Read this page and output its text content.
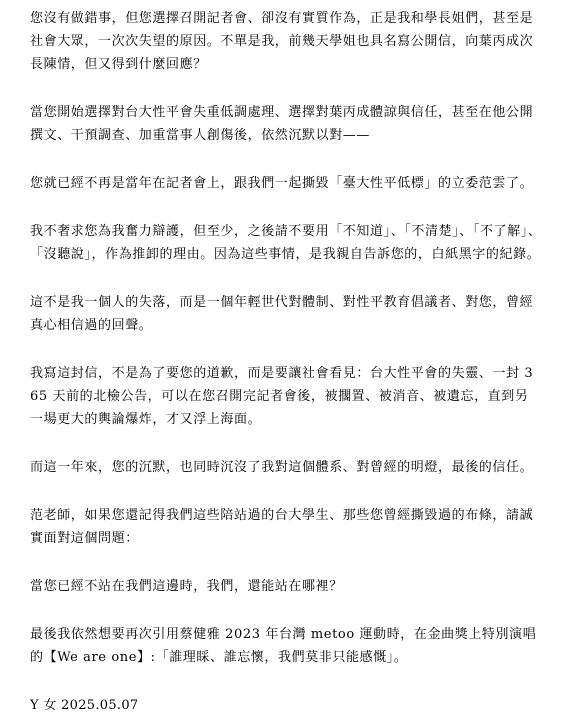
您沒有做錯事，但您選擇召開記者會、卻沒有實質作為，正是我和學長姐們，甚至是社會大眾，一次次失望的原因。不單是我，前幾天學姐也具名寫公開信，向葉丙成次長陳情，但又得到什麼回應？

當您開始選擇對台大性平會失重低調處理、選擇對葉丙成體諒與信任，甚至在他公開撰文、干預調查、加重當事人創傷後，依然沉默以對——

您就已經不再是當年在記者會上，跟我們一起撕毀「臺大性平低標」的立委范雲了。

我不奢求您為我奮力辯護，但至少，之後請不要用「不知道」、「不清楚」、「不了解」、「沒聽說」，作為推卸的理由。因為這些事情，是我親自告訴您的，白紙黑字的紀錄。

這不是我一個人的失落，而是一個年輕世代對體制、對性平教育倡議者、對您，曾經真心相信過的回聲。

我寫這封信，不是為了要您的道歉，而是要讓社會看見：台大性平會的失靈、一封 365 天前的北檢公告，可以在您召開完記者會後，被擱置、被消音、被遺忘，直到另一場更大的輿論爆炸，才又浮上海面。

而這一年來，您的沉默，也同時沉沒了我對這個體系、對曾經的明燈，最後的信任。

范老師，如果您還記得我們這些陪站過的台大學生、那些您曾經撕毀過的布條，請誠實面對這個問題：

當您已經不站在我們這邊時，我們，還能站在哪裡？

最後我依然想要再次引用蔡健雅 2023 年台灣 metoo 運動時，在金曲獎上特別演唱的【We are one】:「誰理睬、誰忘懷，我們莫非只能感慨」。

Y 女 2025.05.07
